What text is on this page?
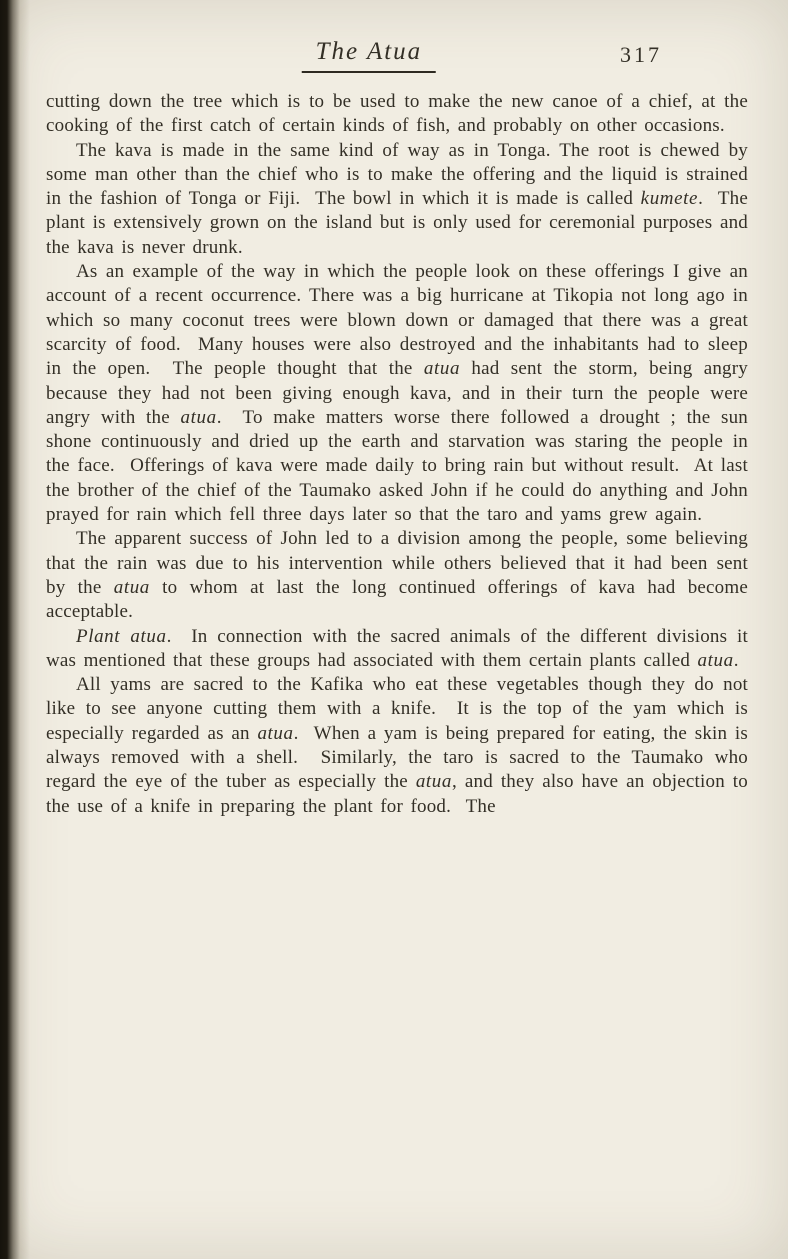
The Atua	317

cutting down the tree which is to be used to make the new canoe of a chief, at the cooking of the first catch of certain kinds of fish, and probably on other occasions.

The kava is made in the same kind of way as in Tonga. The root is chewed by some man other than the chief who is to make the offering and the liquid is strained in the fashion of Tonga or Fiji.  The bowl in which it is made is called kumete.  The plant is extensively grown on the island but is only used for ceremonial purposes and the kava is never drunk.

As an example of the way in which the people look on these offerings I give an account of a recent occurrence. There was a big hurricane at Tikopia not long ago in which so many coconut trees were blown down or damaged that there was a great scarcity of food.  Many houses were also destroyed and the inhabitants had to sleep in the open.  The people thought that the atua had sent the storm, being angry because they had not been giving enough kava, and in their turn the people were angry with the atua.  To make matters worse there followed a drought ; the sun shone continuously and dried up the earth and starvation was staring the people in the face.  Offerings of kava were made daily to bring rain but without result.  At last the brother of the chief of the Taumako asked John if he could do anything and John prayed for rain which fell three days later so that the taro and yams grew again.

The apparent success of John led to a division among the people, some believing that the rain was due to his intervention while others believed that it had been sent by the atua to whom at last the long continued offerings of kava had become acceptable.

Plant atua.  In connection with the sacred animals of the different divisions it was mentioned that these groups had associated with them certain plants called atua.

All yams are sacred to the Kafika who eat these vegetables though they do not like to see anyone cutting them with a knife.  It is the top of the yam which is especially regarded as an atua.  When a yam is being prepared for eating, the skin is always removed with a shell.  Similarly, the taro is sacred to the Taumako who regard the eye of the tuber as especially the atua, and they also have an objection to the use of a knife in preparing the plant for food.  The
